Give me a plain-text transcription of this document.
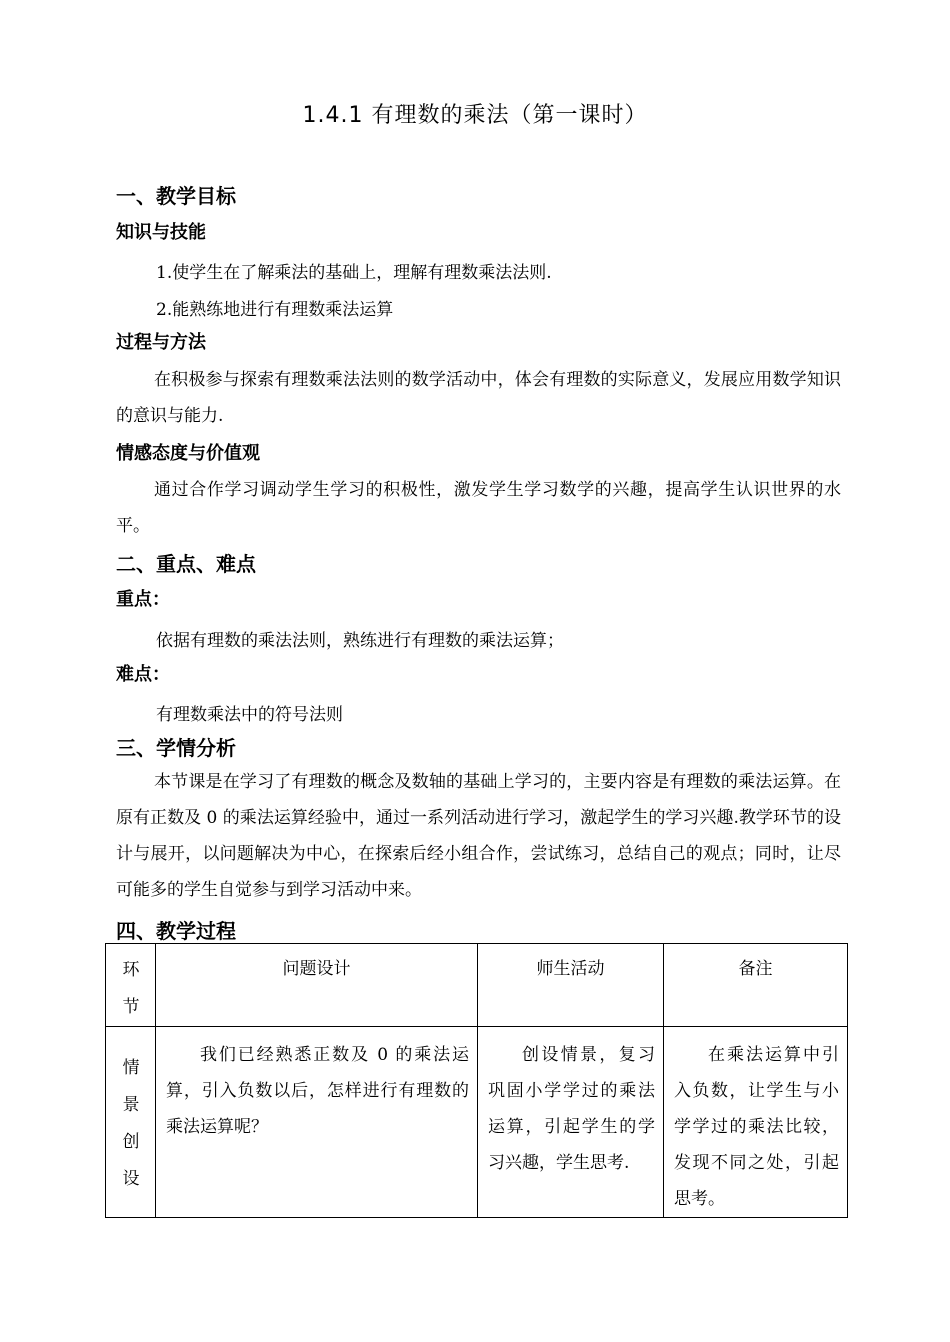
1.4.1 有理数的乘法（第一课时）
一、教学目标
知识与技能
1.使学生在了解乘法的基础上，理解有理数乘法法则.
2.能熟练地进行有理数乘法运算
过程与方法
在积极参与探索有理数乘法法则的数学活动中，体会有理数的实际意义，发展应用数学知识的意识与能力.
情感态度与价值观
通过合作学习调动学生学习的积极性，激发学生学习数学的兴趣，提高学生认识世界的水平。
二、重点、难点
重点：
依据有理数的乘法法则，熟练进行有理数的乘法运算；
难点：
有理数乘法中的符号法则
三、学情分析
本节课是在学习了有理数的概念及数轴的基础上学习的，主要内容是有理数的乘法运算。在原有正数及 0 的乘法运算经验中，通过一系列活动进行学习，激起学生的学习兴趣.教学环节的设计与展开，以问题解决为中心，在探索后经小组合作，尝试练习，总结自己的观点；同时，让尽可能多的学生自觉参与到学习活动中来。
四、教学过程
环节	问题设计	师生活动	备注

情景创设	我们已经熟悉正数及 0 的乘法运算，引入负数以后，怎样进行有理数的乘法运算呢？	创设情景，复习巩固小学学过的乘法运算，引起学生的学习兴趣，学生思考.	在乘法运算中引入负数，让学生与小学学过的乘法比较，发现不同之处，引起思考。
